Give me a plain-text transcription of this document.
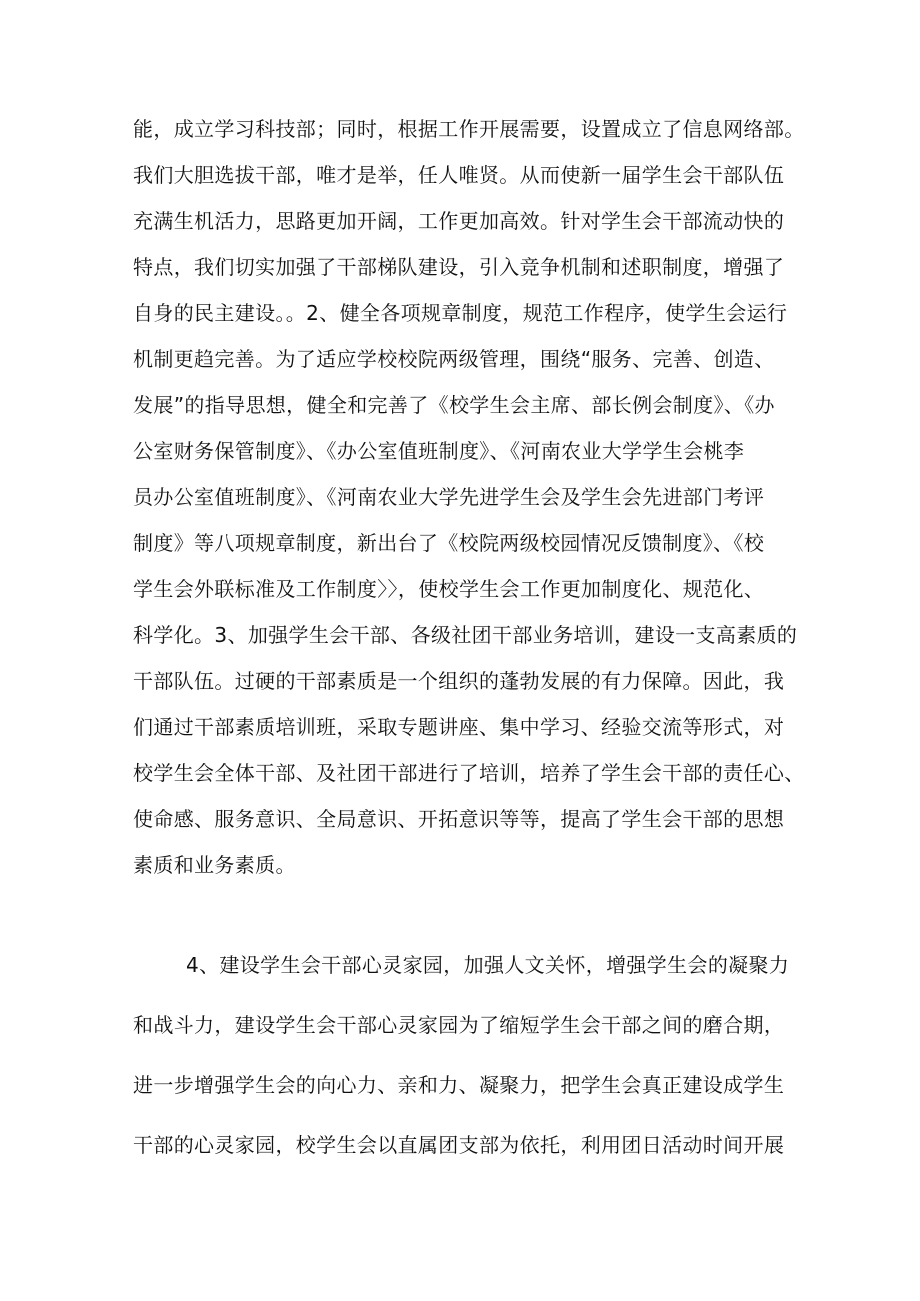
能，成立学习科技部；同时，根据工作开展需要，设置成立了信息网络部。
我们大胆选拔干部，唯才是举，任人唯贤。从而使新一届学生会干部队伍
充满生机活力，思路更加开阔，工作更加高效。针对学生会干部流动快的
特点，我们切实加强了干部梯队建设，引入竞争机制和述职制度，增强了
自身的民主建设。。2、健全各项规章制度，规范工作程序，使学生会运行
机制更趋完善。为了适应学校校院两级管理，围绕“服务、完善、创造、
发展”的指导思想，健全和完善了《校学生会主席、部长例会制度》、《办
公室财务保管制度》、《办公室值班制度》、《河南农业大学学生会桃李
员办公室值班制度》、《河南农业大学先进学生会及学生会先进部门考评
制度》等八项规章制度，新出台了《校院两级校园情况反馈制度》、《校
学生会外联标准及工作制度〉〉，使校学生会工作更加制度化、规范化、
科学化。3、加强学生会干部、各级社团干部业务培训，建设一支高素质的
干部队伍。过硬的干部素质是一个组织的蓬勃发展的有力保障。因此，我
们通过干部素质培训班，采取专题讲座、集中学习、经验交流等形式，对
校学生会全体干部、及社团干部进行了培训，培养了学生会干部的责任心、
使命感、服务意识、全局意识、开拓意识等等，提高了学生会干部的思想
素质和业务素质。
4、建设学生会干部心灵家园，加强人文关怀，增强学生会的凝聚力
和战斗力，建设学生会干部心灵家园为了缩短学生会干部之间的磨合期，
进一步增强学生会的向心力、亲和力、凝聚力，把学生会真正建设成学生
干部的心灵家园，校学生会以直属团支部为依托，利用团日活动时间开展
